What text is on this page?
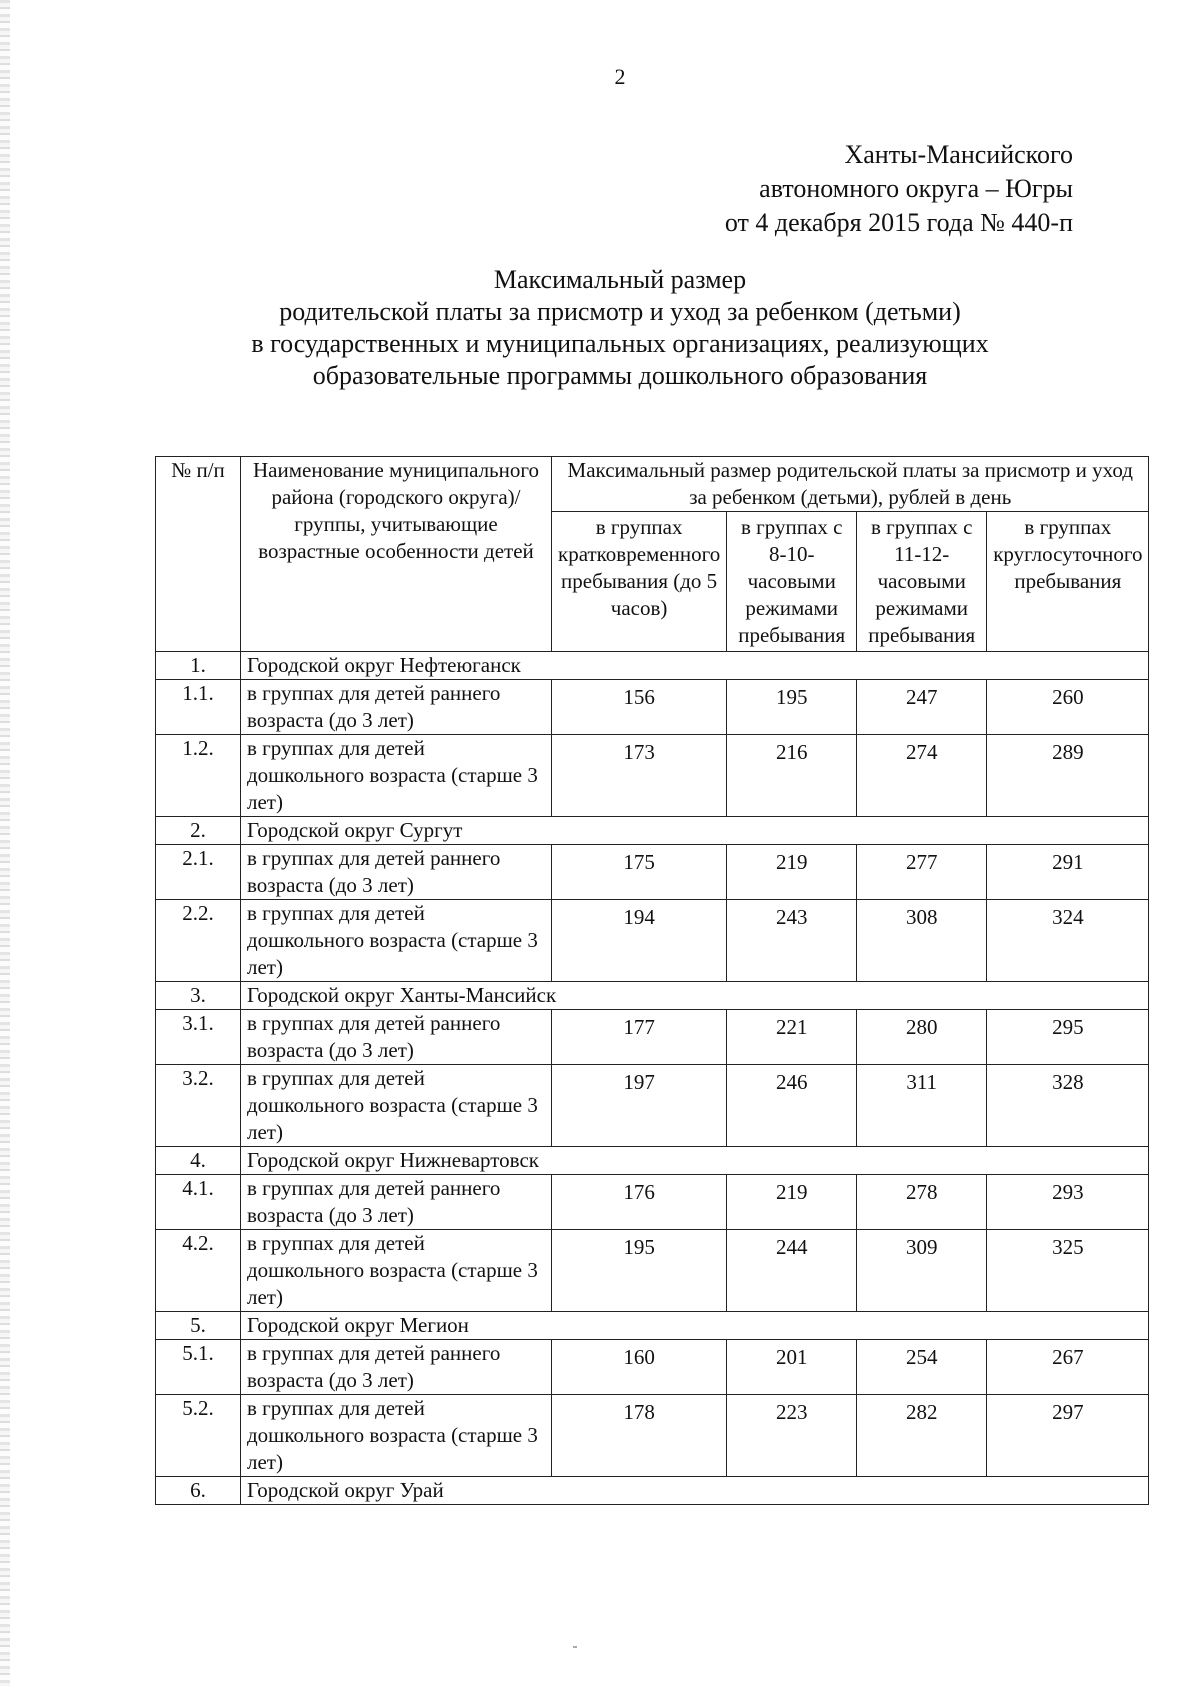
2
Ханты-Мансийского
автономного округа – Югры
от 4 декабря 2015 года № 440-п
Максимальный размер
родительской платы за присмотр и уход за ребенком (детьми)
в государственных и муниципальных организациях, реализующих
образовательные программы дошкольного образования
№ п/п	Наименование муниципального района (городского округа)/группы, учитывающие возрастные особенности детей	Максимальный размер родительской платы за присмотр и уход за ребенком (детьми), рублей в день			
		в группах кратковременного пребывания (до 5 часов)	в группах с 8-10-часовыми режимами пребывания	в группах с 11-12-часовыми режимами пребывания	в группах круглосуточного пребывания
1.	Городской округ Нефтеюганск				
1.1.	в группах для детей раннего возраста (до 3 лет)	156	195	247	260
1.2.	в группах для детей дошкольного возраста (старше 3 лет)	173	216	274	289
2.	Городской округ Сургут				
2.1.	в группах для детей раннего возраста (до 3 лет)	175	219	277	291
2.2.	в группах для детей дошкольного возраста (старше 3 лет)	194	243	308	324
3.	Городской округ Ханты-Мансийск				
3.1.	в группах для детей раннего возраста (до 3 лет)	177	221	280	295
3.2.	в группах для детей дошкольного возраста (старше 3 лет)	197	246	311	328
4.	Городской округ Нижневартовск				
4.1.	в группах для детей раннего возраста (до 3 лет)	176	219	278	293
4.2.	в группах для детей дошкольного возраста (старше 3 лет)	195	244	309	325
5.	Городской округ Мегион				
5.1.	в группах для детей раннего возраста (до 3 лет)	160	201	254	267
5.2.	в группах для детей дошкольного возраста (старше 3 лет)	178	223	282	297
6.	Городской округ Урай				
